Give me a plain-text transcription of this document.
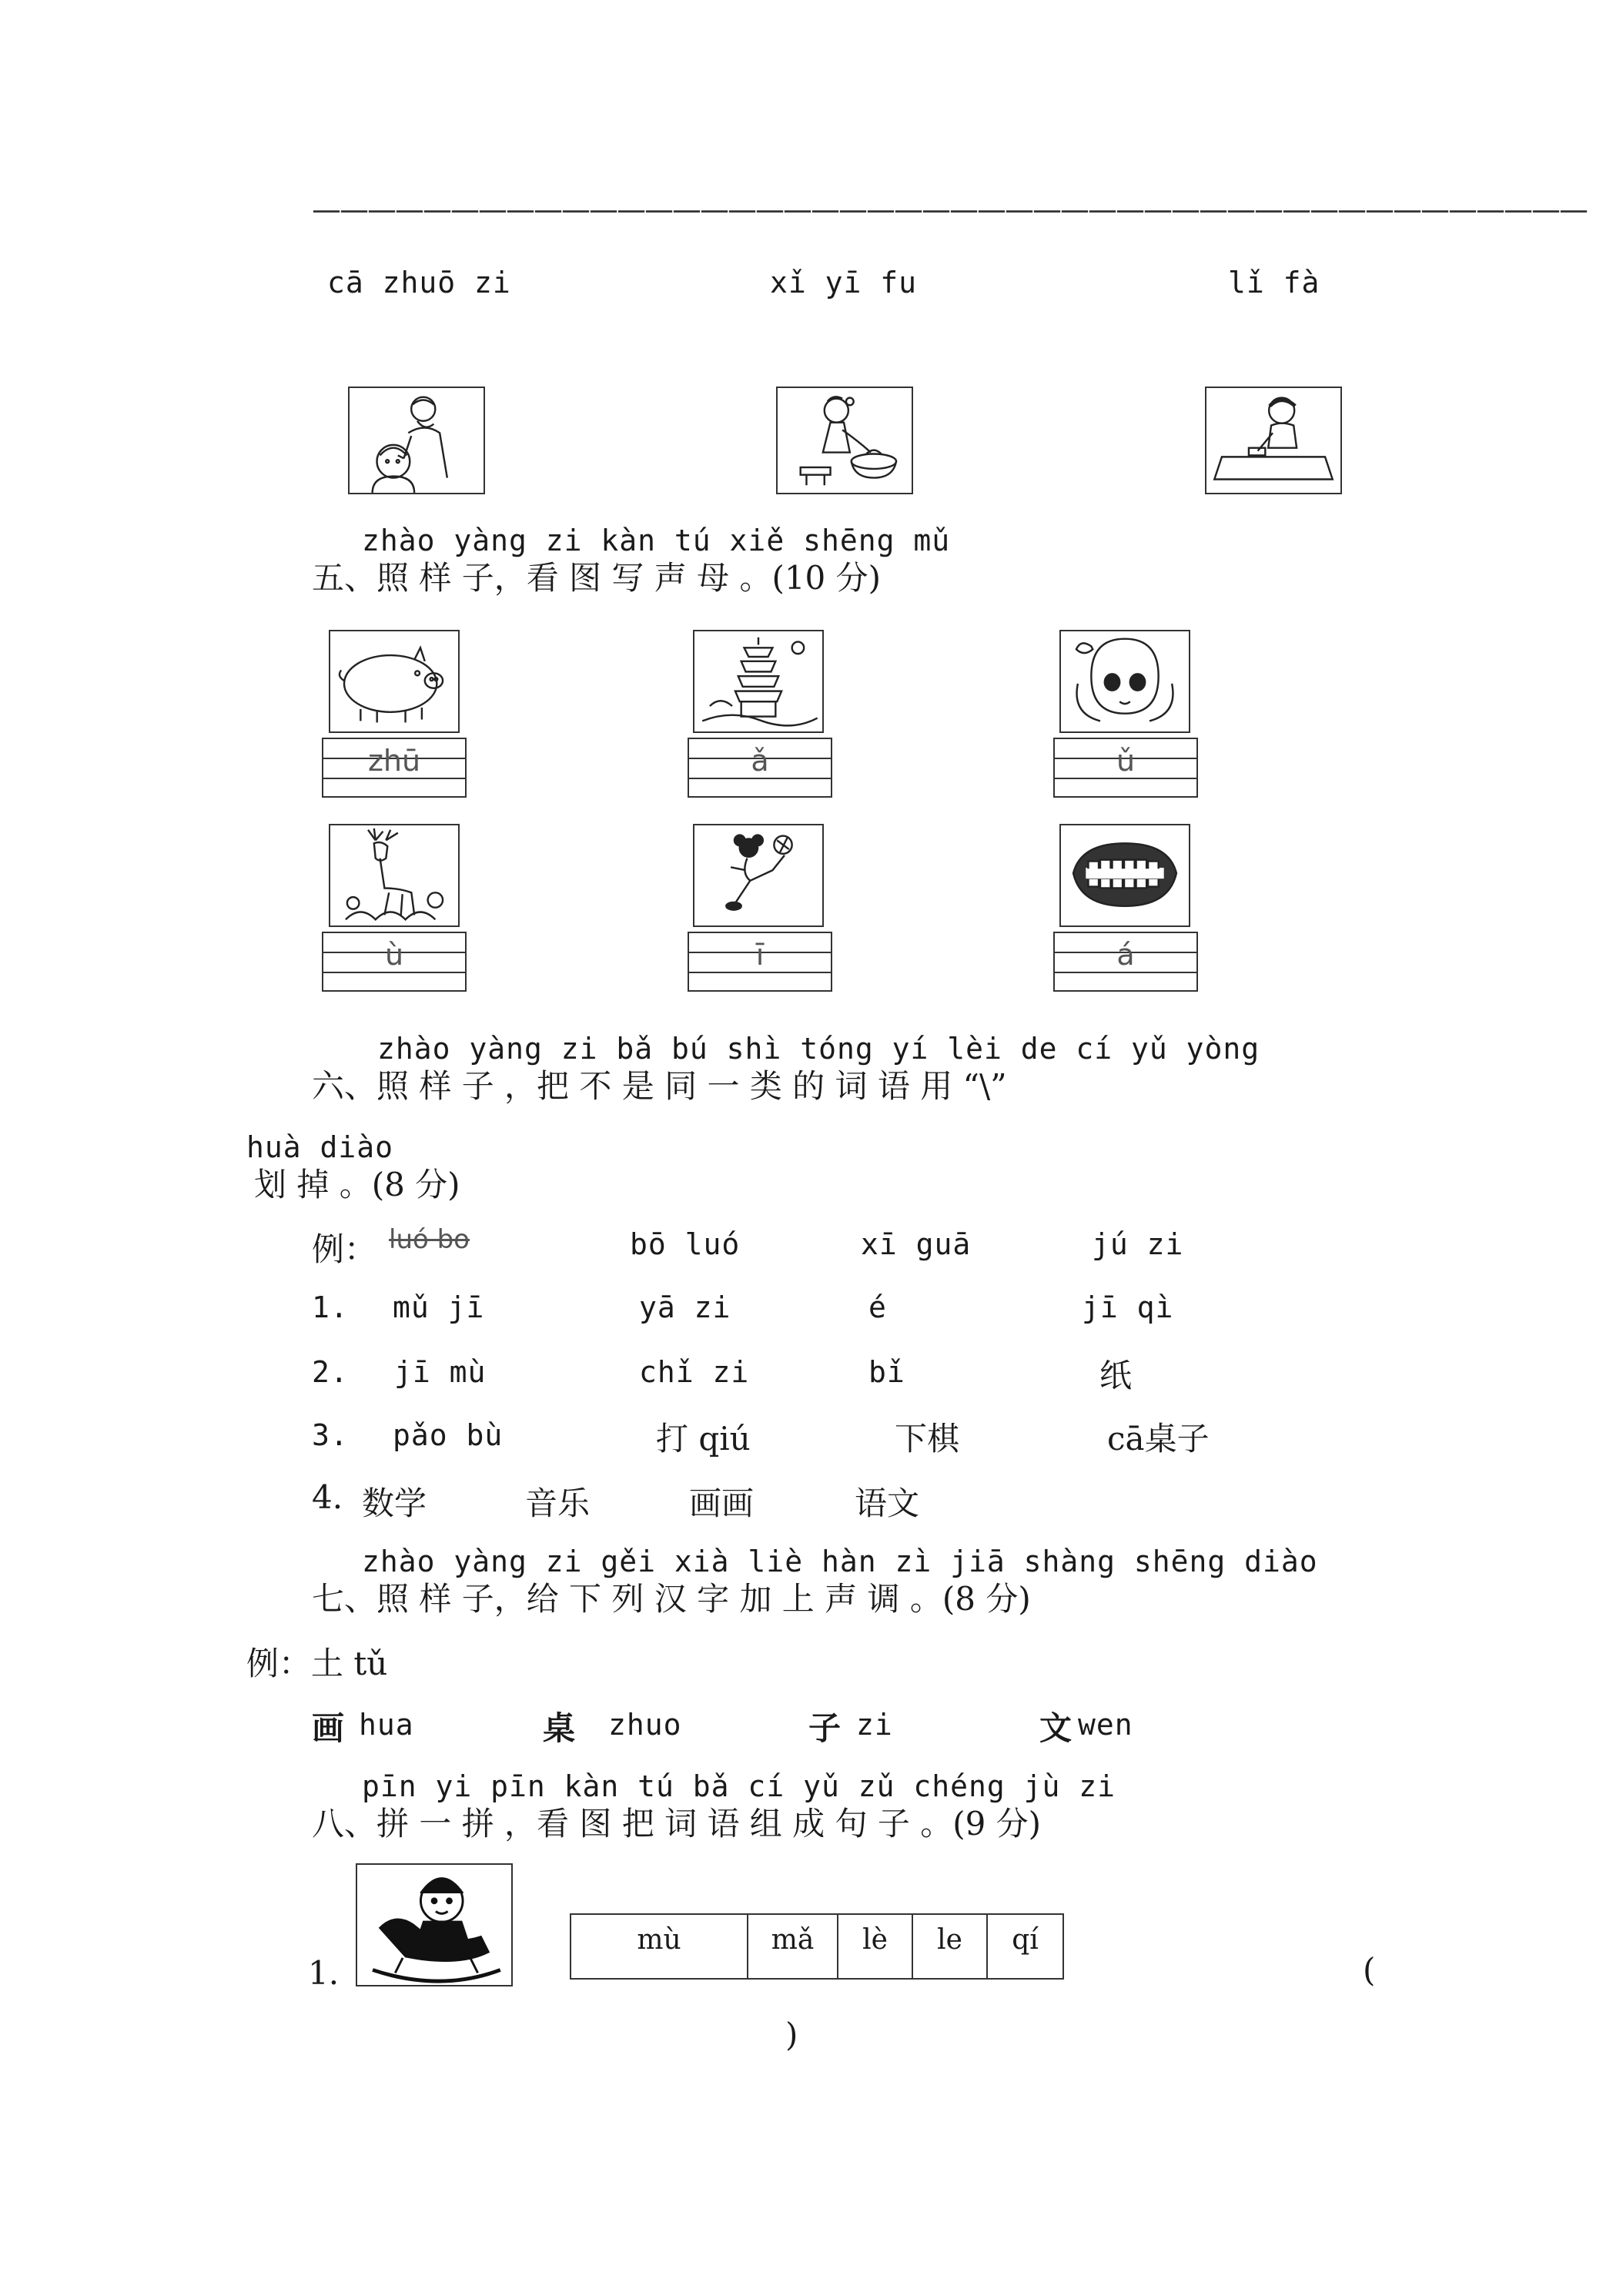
——————————————————————————————————————————————
cā zhuō zi	xǐ yī fu	lǐ fà
zhào yàng zi kàn tú xiě shēng mǔ
五、照 样 子，看 图 写 声 母 。(10 分)
zhū	ǎ	ǔ
ù	ī	á
zhào yàng zi bǎ bú shì tóng yí lèi de cí yǔ yòng
六、照 样 子 ，把 不 是 同 一 类 的 词 语 用 “\”
huà diào
划 掉 。(8 分)
例： luó bo	bō luó	xī guā	jú zi
1. mǔ jī	yā zi	é	jī qì
2. jī mù	chǐ zi	bǐ	纸
3. pǎo bù	打 qiú	下棋	cā桌子
4. 数学	音乐	画画	语文
zhào yàng zi gěi xià liè hàn zì jiā shàng shēng diào
七、照 样 子，给 下 列 汉 字 加 上 声 调 。(8 分)
例：土 tǔ
画 hua	桌 zhuo	子 zi	文 wen
pīn yi pīn kàn tú bǎ cí yǔ zǔ chéng jù zi
八、拼 一 拼 ，看 图 把 词 语 组 成 句 子 。(9 分)
1.
mù	mǎ	lè	le	qí
(
)
